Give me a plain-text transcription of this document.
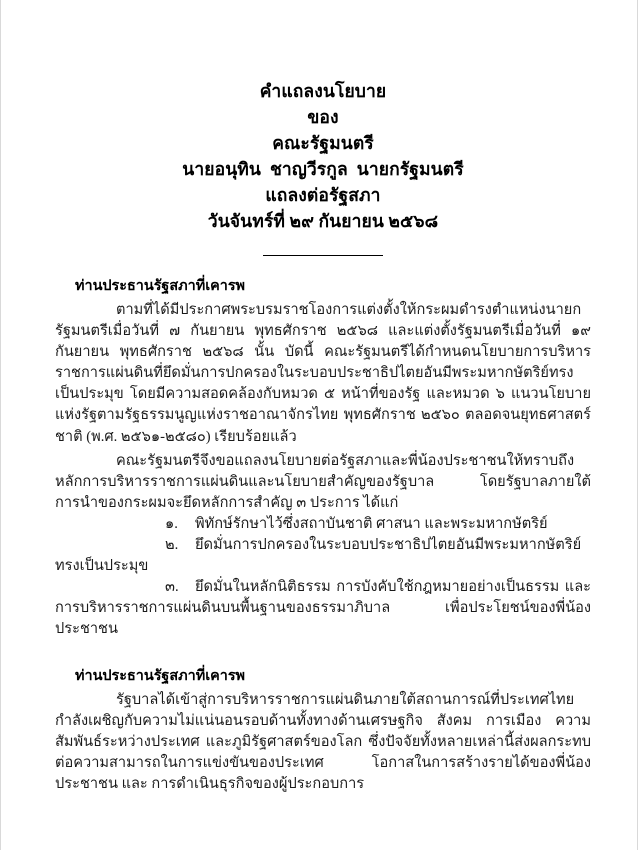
คำแถลงนโยบาย
ของ
คณะรัฐมนตรี
นายอนุทิน  ชาญวีรกูล  นายกรัฐมนตรี
แถลงต่อรัฐสภา
วันจันทร์ที่ ๒๙ กันยายน ๒๕๖๘
ท่านประธานรัฐสภาที่เคารพ

ตามที่ได้มีประกาศพระบรมราชโองการแต่งตั้งให้กระผมดำรงตำแหน่งนายกรัฐมนตรีเมื่อวันที่ ๗ กันยายน พุทธศักราช ๒๕๖๘ และแต่งตั้งรัฐมนตรีเมื่อวันที่ ๑๙ กันยายน พุทธศักราช ๒๕๖๘ นั้น บัดนี้ คณะรัฐมนตรีได้กำหนดนโยบายการบริหารราชการแผ่นดินที่ยึดมั่นการปกครองในระบอบประชาธิปไตยอันมีพระมหากษัตริย์ทรงเป็นประมุข โดยมีความสอดคล้องกับหมวด ๕ หน้าที่ของรัฐ และหมวด ๖ แนวนโยบายแห่งรัฐตามรัฐธรรมนูญแห่งราชอาณาจักรไทย พุทธศักราช ๒๕๖๐ ตลอดจนยุทธศาสตร์ชาติ (พ.ศ. ๒๕๖๑-๒๕๘๐) เรียบร้อยแล้ว

คณะรัฐมนตรีจึงขอแถลงนโยบายต่อรัฐสภาและพี่น้องประชาชนให้ทราบถึงหลักการบริหารราชการแผ่นดินและนโยบายสำคัญของรัฐบาล โดยรัฐบาลภายใต้การนำของกระผมจะยึดหลักการสำคัญ ๓ ประการ ได้แก่

๑. พิทักษ์รักษาไว้ซึ่งสถาบันชาติ ศาสนา และพระมหากษัตริย์
๒. ยึดมั่นการปกครองในระบอบประชาธิปไตยอันมีพระมหากษัตริย์ทรงเป็นประมุข
๓. ยึดมั่นในหลักนิติธรรม การบังคับใช้กฎหมายอย่างเป็นธรรม และการบริหารราชการแผ่นดินบนพื้นฐานของธรรมาภิบาล เพื่อประโยชน์ของพี่น้องประชาชน
ท่านประธานรัฐสภาที่เคารพ

รัฐบาลได้เข้าสู่การบริหารราชการแผ่นดินภายใต้สถานการณ์ที่ประเทศไทยกำลังเผชิญกับความไม่แน่นอนรอบด้านทั้งทางด้านเศรษฐกิจ สังคม การเมือง ความสัมพันธ์ระหว่างประเทศ และภูมิรัฐศาสตร์ของโลก ซึ่งปัจจัยทั้งหลายเหล่านี้ส่งผลกระทบต่อความสามารถในการแข่งขันของประเทศ โอกาสในการสร้างรายได้ของพี่น้องประชาชน และ การดำเนินธุรกิจของผู้ประกอบการ
